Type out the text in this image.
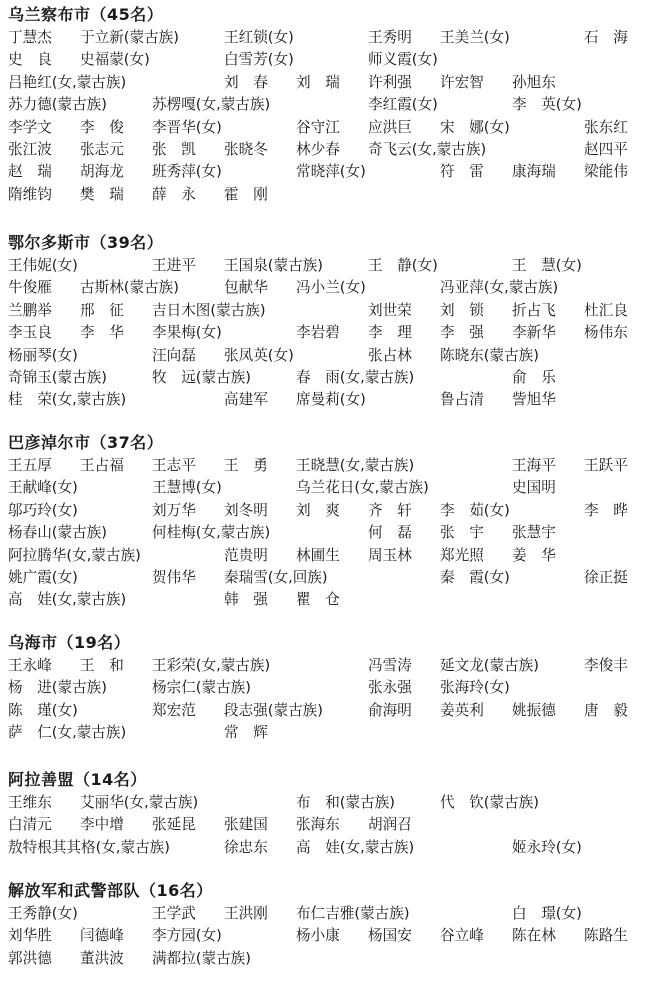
乌兰察布市（45名）
丁慧杰 于立新(蒙古族)	王红锁(女)	王秀明 王美兰(女)	石　海
史　良 史福蒙(女)	白雪芳(女)	师义霞(女)
吕艳红(女,蒙古族)	刘　春 刘　瑞 许利强 许宏智 孙旭东
苏力德(蒙古族)	苏楞嘎(女,蒙古族)	李红霞(女)	李　英(女)
李学文 李　俊 李晋华(女)	谷守江 应洪巨 宋　娜(女)	张东红
张江波 张志元 张　凯 张晓冬 林少春 奇飞云(女,蒙古族)	赵四平
赵　瑞 胡海龙 班秀萍(女)	常晓萍(女)	符　雷 康海瑞 梁能伟
隋维钧 樊　瑞 薛　永 霍　刚
鄂尔多斯市（39名）
王伟妮(女)	王进平 王国泉(蒙古族)	王　静(女)	王　慧(女)
牛俊雁 古斯林(蒙古族)	包献华 冯小兰(女)	冯亚萍(女,蒙古族)
兰鹏举 邢　征 吉日木图(蒙古族)	刘世荣 刘　锁 折占飞 杜汇良
李玉良 李　华 李果梅(女)	李岩碧 李　理 李　强 李新华 杨伟东
杨丽琴(女)	汪向磊 张凤英(女)	张占林 陈晓东(蒙古族)
奇锦玉(蒙古族)	牧　远(蒙古族)	春　雨(女,蒙古族)	俞　乐
桂　荣(女,蒙古族)	高建军 席曼莉(女)	鲁占清 訾旭华
巴彦淖尔市（37名）
王五厚 王占福 王志平 王　勇 王晓慧(女,蒙古族)	王海平 王跃平
王献峰(女)	王慧博(女)	乌兰花日(女,蒙古族)	史国明
邬巧玲(女)	刘万华 刘冬明 刘　爽 齐　轩 李　茹(女)	李　晔
杨春山(蒙古族)	何桂梅(女,蒙古族)	何　磊 张　宇 张慧宇
阿拉腾华(女,蒙古族)	范贵明 林圃生 周玉林 郑光照 姜　华
姚广霞(女)	贺伟华 秦瑞雪(女,回族)	秦　霞(女)	徐正挺
高　娃(女,蒙古族)	韩　强 瞿　仓
乌海市（19名）
王永峰 王　和 王彩荣(女,蒙古族)	冯雪涛 延文龙(蒙古族)	李俊丰
杨　进(蒙古族)	杨宗仁(蒙古族)	张永强 张海玲(女)
陈　瑾(女)	郑宏范 段志强(蒙古族)	俞海明 姜英利 姚振德 唐　毅
萨　仁(女,蒙古族)	常　辉
阿拉善盟（14名）
王维东 艾丽华(女,蒙古族)	布　和(蒙古族)	代　钦(蒙古族)
白清元 李中增 张延昆 张建国 张海东 胡润召
敖特根其其格(女,蒙古族)	徐忠东 高　娃(女,蒙古族)	姬永玲(女)
解放军和武警部队（16名）
王秀静(女)	王学武 王洪刚 布仁吉雅(蒙古族)	白　璟(女)
刘华胜 闫德峰 李方园(女)	杨小康 杨国安 谷立峰 陈在林 陈路生
郭洪德 董洪波 满都拉(蒙古族)
